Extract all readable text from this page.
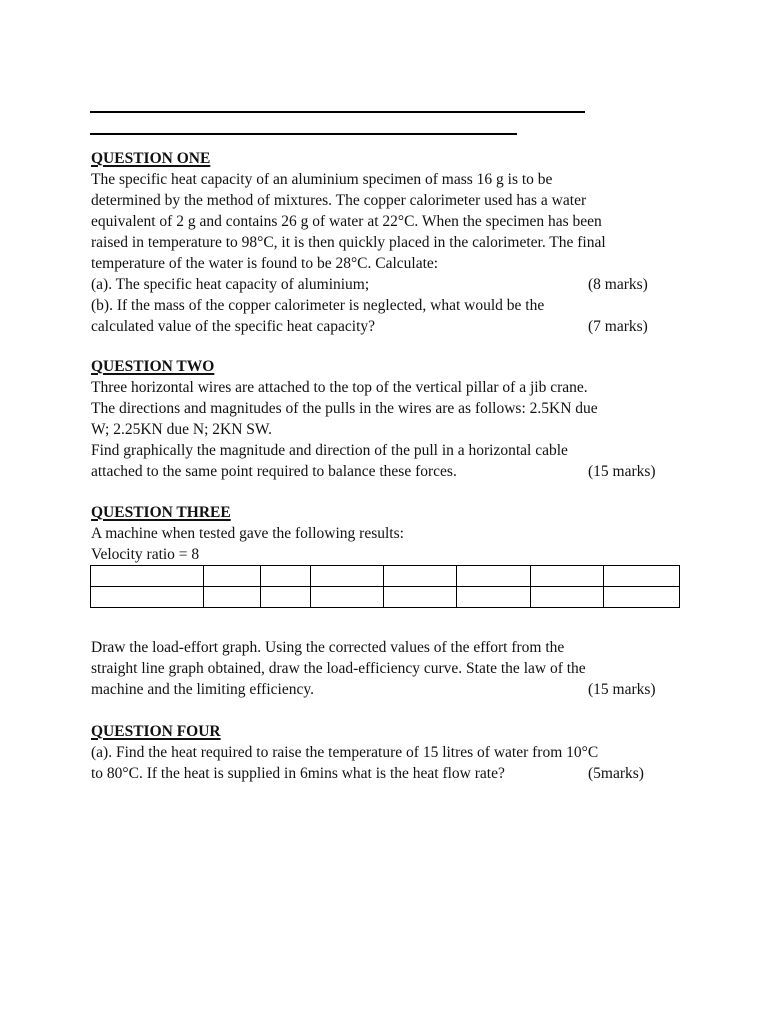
QUESTION ONE
The specific heat capacity of an aluminium specimen of mass 16 g is to be
determined by the method of mixtures. The copper calorimeter used has a water
equivalent of 2 g and contains 26 g of water at 22°C. When the specimen has been
raised in temperature to 98°C, it is then quickly placed in the calorimeter. The final
temperature of the water is found to be 28°C. Calculate:
(a). The specific heat capacity of aluminium;	(8 marks)
(b). If the mass of the copper calorimeter is neglected, what would be the
calculated value of the specific heat capacity?	(7 marks)
QUESTION TWO
Three horizontal wires are attached to the top of the vertical pillar of a jib crane.
The directions and magnitudes of the pulls in the wires are as follows: 2.5KN due
W; 2.25KN due N; 2KN SW.
Find graphically the magnitude and direction of the pull in a horizontal cable
attached to the same point required to balance these forces.	(15 marks)
QUESTION THREE
A machine when tested gave the following results:
Velocity ratio = 8

Draw the load-effort graph. Using the corrected values of the effort from the
straight line graph obtained, draw the load-efficiency curve. State the law of the
machine and the limiting efficiency.	(15 marks)
QUESTION FOUR
(a). Find the heat required to raise the temperature of 15 litres of water from 10°C
to 80°C. If the heat is supplied in 6mins what is the heat flow rate?	(5marks)
